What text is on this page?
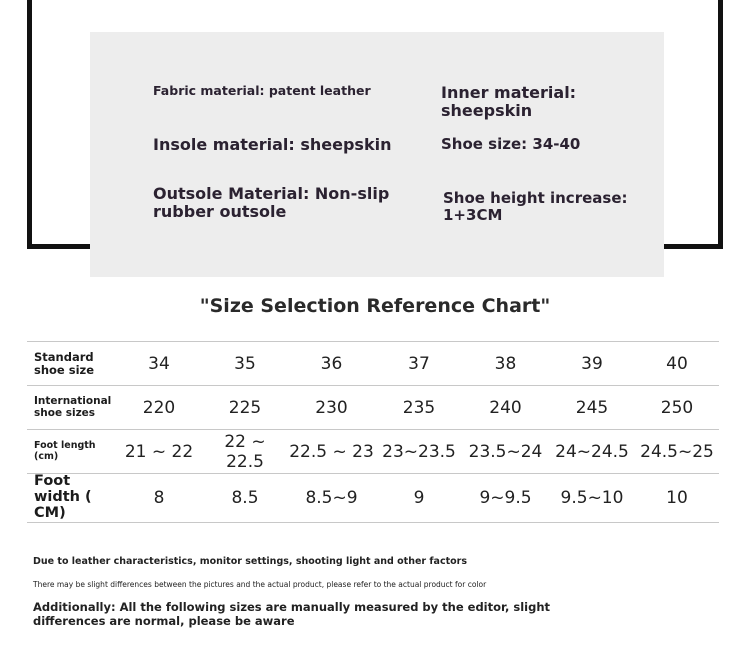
Fabric material: patent leather	Inner material: sheepskin
Insole material: sheepskin	Shoe size: 34-40
Outsole Material: Non-slip rubber outsole
Shoe height increase: 1+3CM
"Size Selection Reference Chart"
Standard shoe size	34	35	36	37	38	39	40
International shoe sizes	220	225	230	235	240	245	250
Foot length (cm)	21 ~ 22	22 ~ 22.5	22.5 ~ 23	23~23.5	23.5~24	24~24.5	24.5~25
Foot width ( CM)	8	8.5	8.5~9	9	9~9.5	9.5~10	10
Due to leather characteristics, monitor settings, shooting light and other factors
There may be slight differences between the pictures and the actual product, please refer to the actual product for color
Additionally: All the following sizes are manually measured by the editor, slight differences are normal, please be aware
